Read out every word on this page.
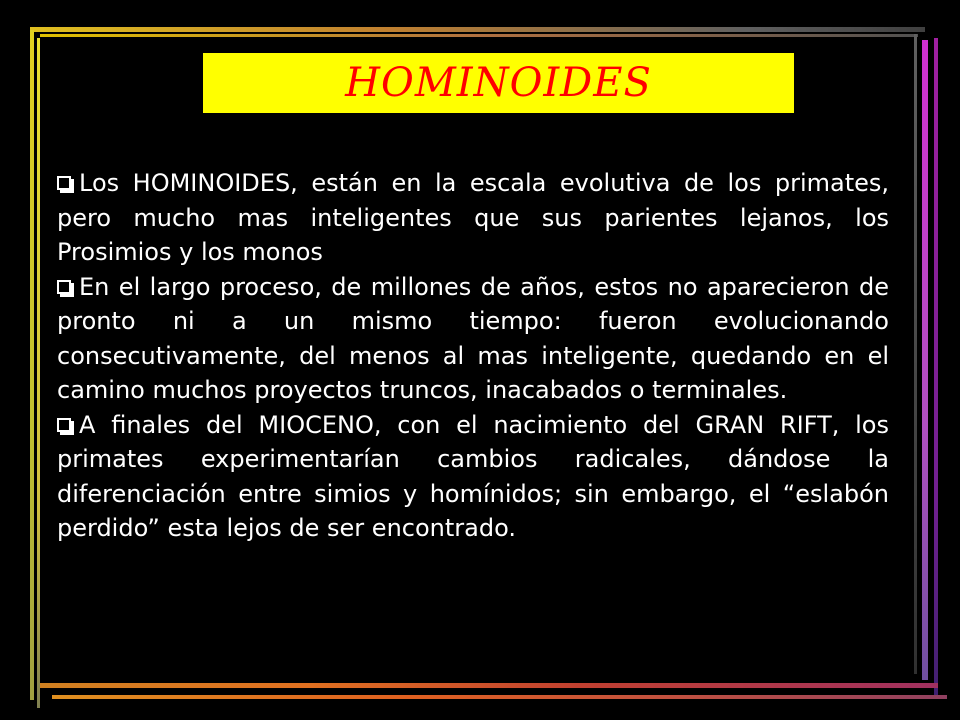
HOMINOIDES

Los HOMINOIDES, están en la escala evolutiva de los primates, pero mucho mas inteligentes que sus parientes lejanos, los Prosimios y los monos

En el largo proceso, de millones de años, estos no aparecieron de pronto ni a un mismo tiempo: fueron evolucionando consecutivamente, del menos al mas inteligente, quedando en el camino muchos proyectos truncos, inacabados o terminales.

A finales del MIOCENO, con el nacimiento del GRAN RIFT, los primates experimentarían cambios radicales, dándose la diferenciación entre simios y homínidos; sin embargo, el “eslabón perdido” esta lejos de ser encontrado.
